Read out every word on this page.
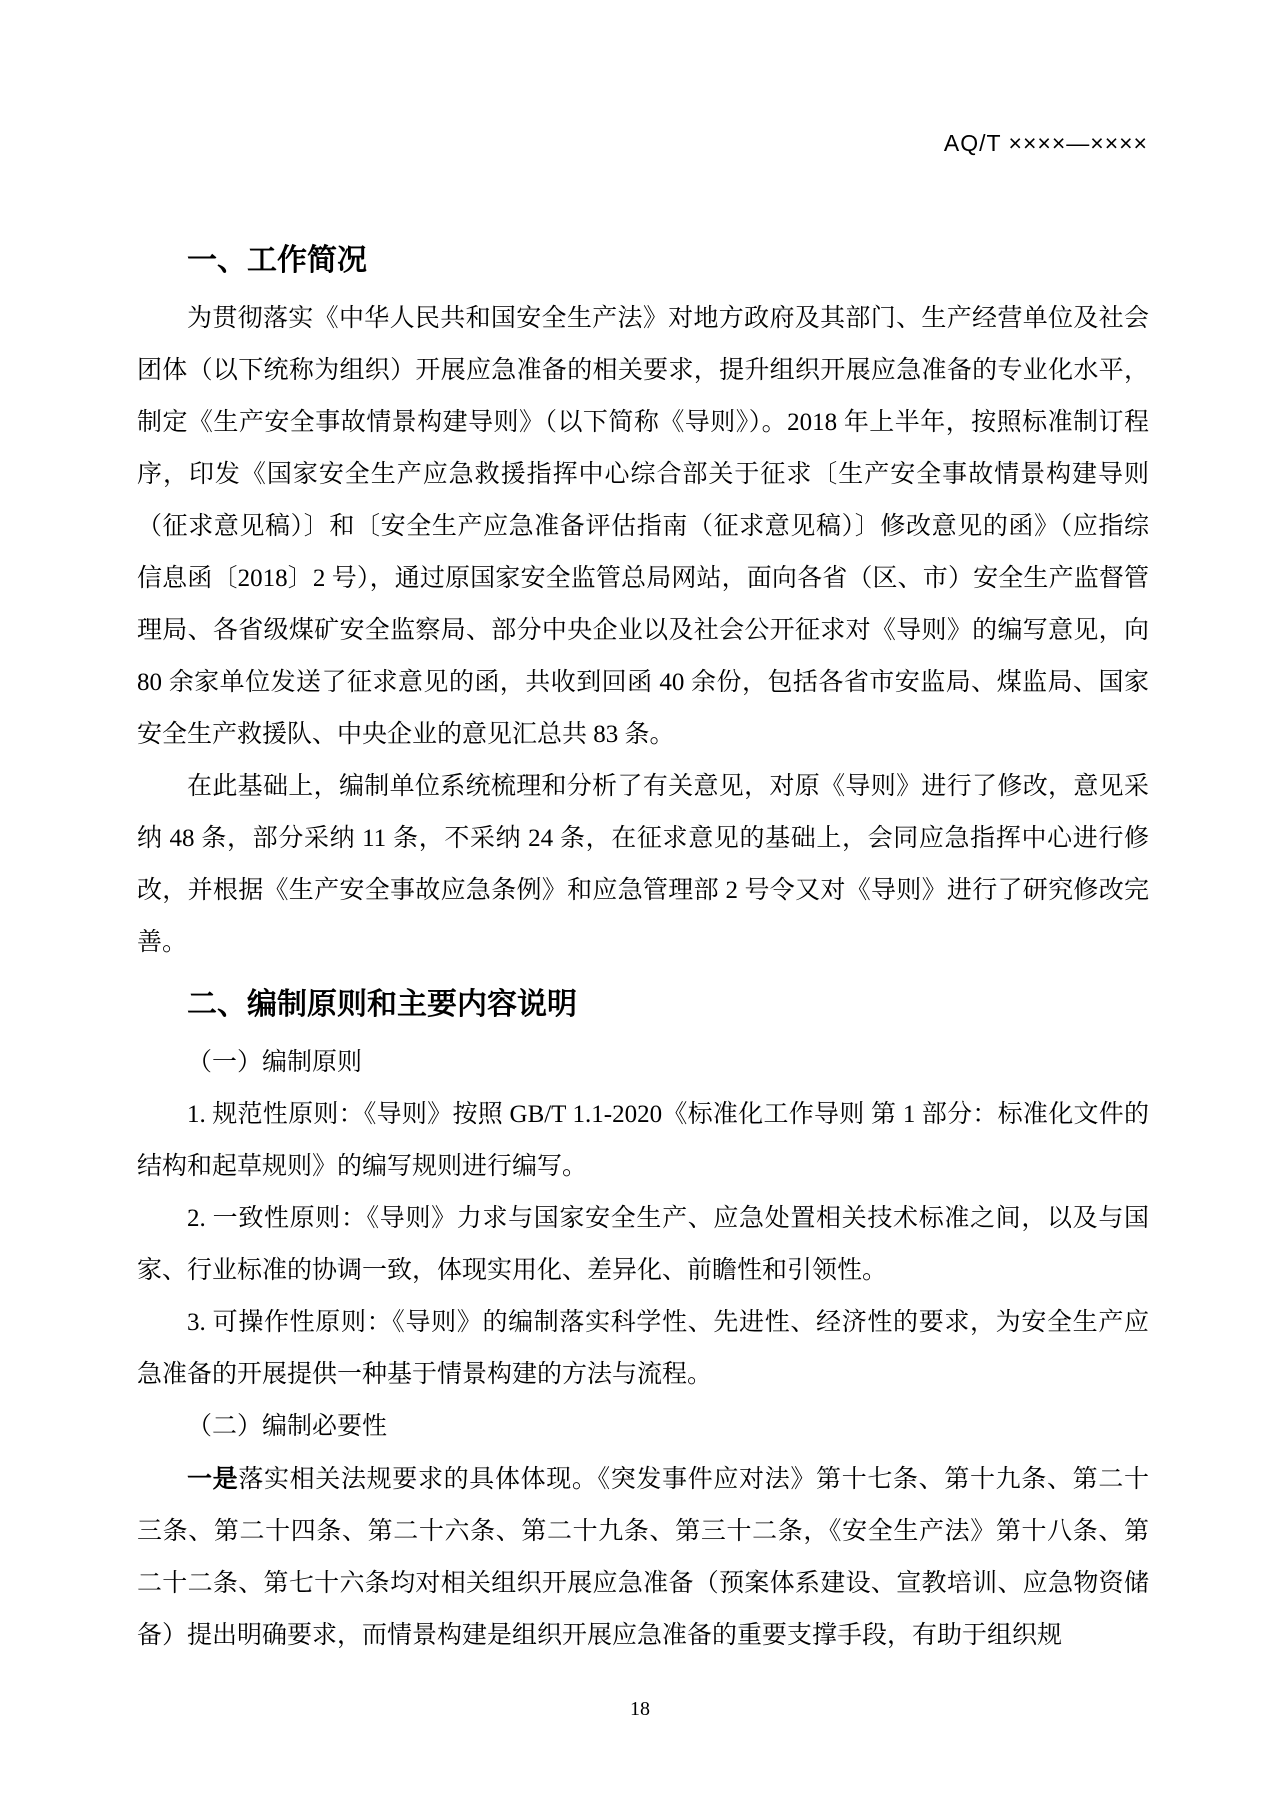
AQ/T ××××—××××
一、工作简况

为贯彻落实《中华人民共和国安全生产法》对地方政府及其部门、生产经营单位及社会团体（以下统称为组织）开展应急准备的相关要求，提升组织开展应急准备的专业化水平，制定《生产安全事故情景构建导则》（以下简称《导则》）。2018 年上半年，按照标准制订程序，印发《国家安全生产应急救援指挥中心综合部关于征求〔生产安全事故情景构建导则（征求意见稿）〕和〔安全生产应急准备评估指南（征求意见稿）〕修改意见的函》（应指综信息函〔2018〕2 号），通过原国家安全监管总局网站，面向各省（区、市）安全生产监督管理局、各省级煤矿安全监察局、部分中央企业以及社会公开征求对《导则》的编写意见，向 80 余家单位发送了征求意见的函，共收到回函 40 余份，包括各省市安监局、煤监局、国家安全生产救援队、中央企业的意见汇总共 83 条。

在此基础上，编制单位系统梳理和分析了有关意见，对原《导则》进行了修改，意见采纳 48 条，部分采纳 11 条，不采纳 24 条，在征求意见的基础上，会同应急指挥中心进行修改，并根据《生产安全事故应急条例》和应急管理部 2 号令又对《导则》进行了研究修改完善。

二、编制原则和主要内容说明

（一）编制原则

1. 规范性原则：《导则》按照 GB/T 1.1-2020《标准化工作导则 第 1 部分：标准化文件的结构和起草规则》的编写规则进行编写。

2. 一致性原则：《导则》力求与国家安全生产、应急处置相关技术标准之间，以及与国家、行业标准的协调一致，体现实用化、差异化、前瞻性和引领性。

3. 可操作性原则：《导则》的编制落实科学性、先进性、经济性的要求，为安全生产应急准备的开展提供一种基于情景构建的方法与流程。

（二）编制必要性

一是落实相关法规要求的具体体现。《突发事件应对法》第十七条、第十九条、第二十三条、第二十四条、第二十六条、第二十九条、第三十二条，《安全生产法》第十八条、第二十二条、第七十六条均对相关组织开展应急准备（预案体系建设、宣教培训、应急物资储备）提出明确要求，而情景构建是组织开展应急准备的重要支撑手段，有助于组织规

18
